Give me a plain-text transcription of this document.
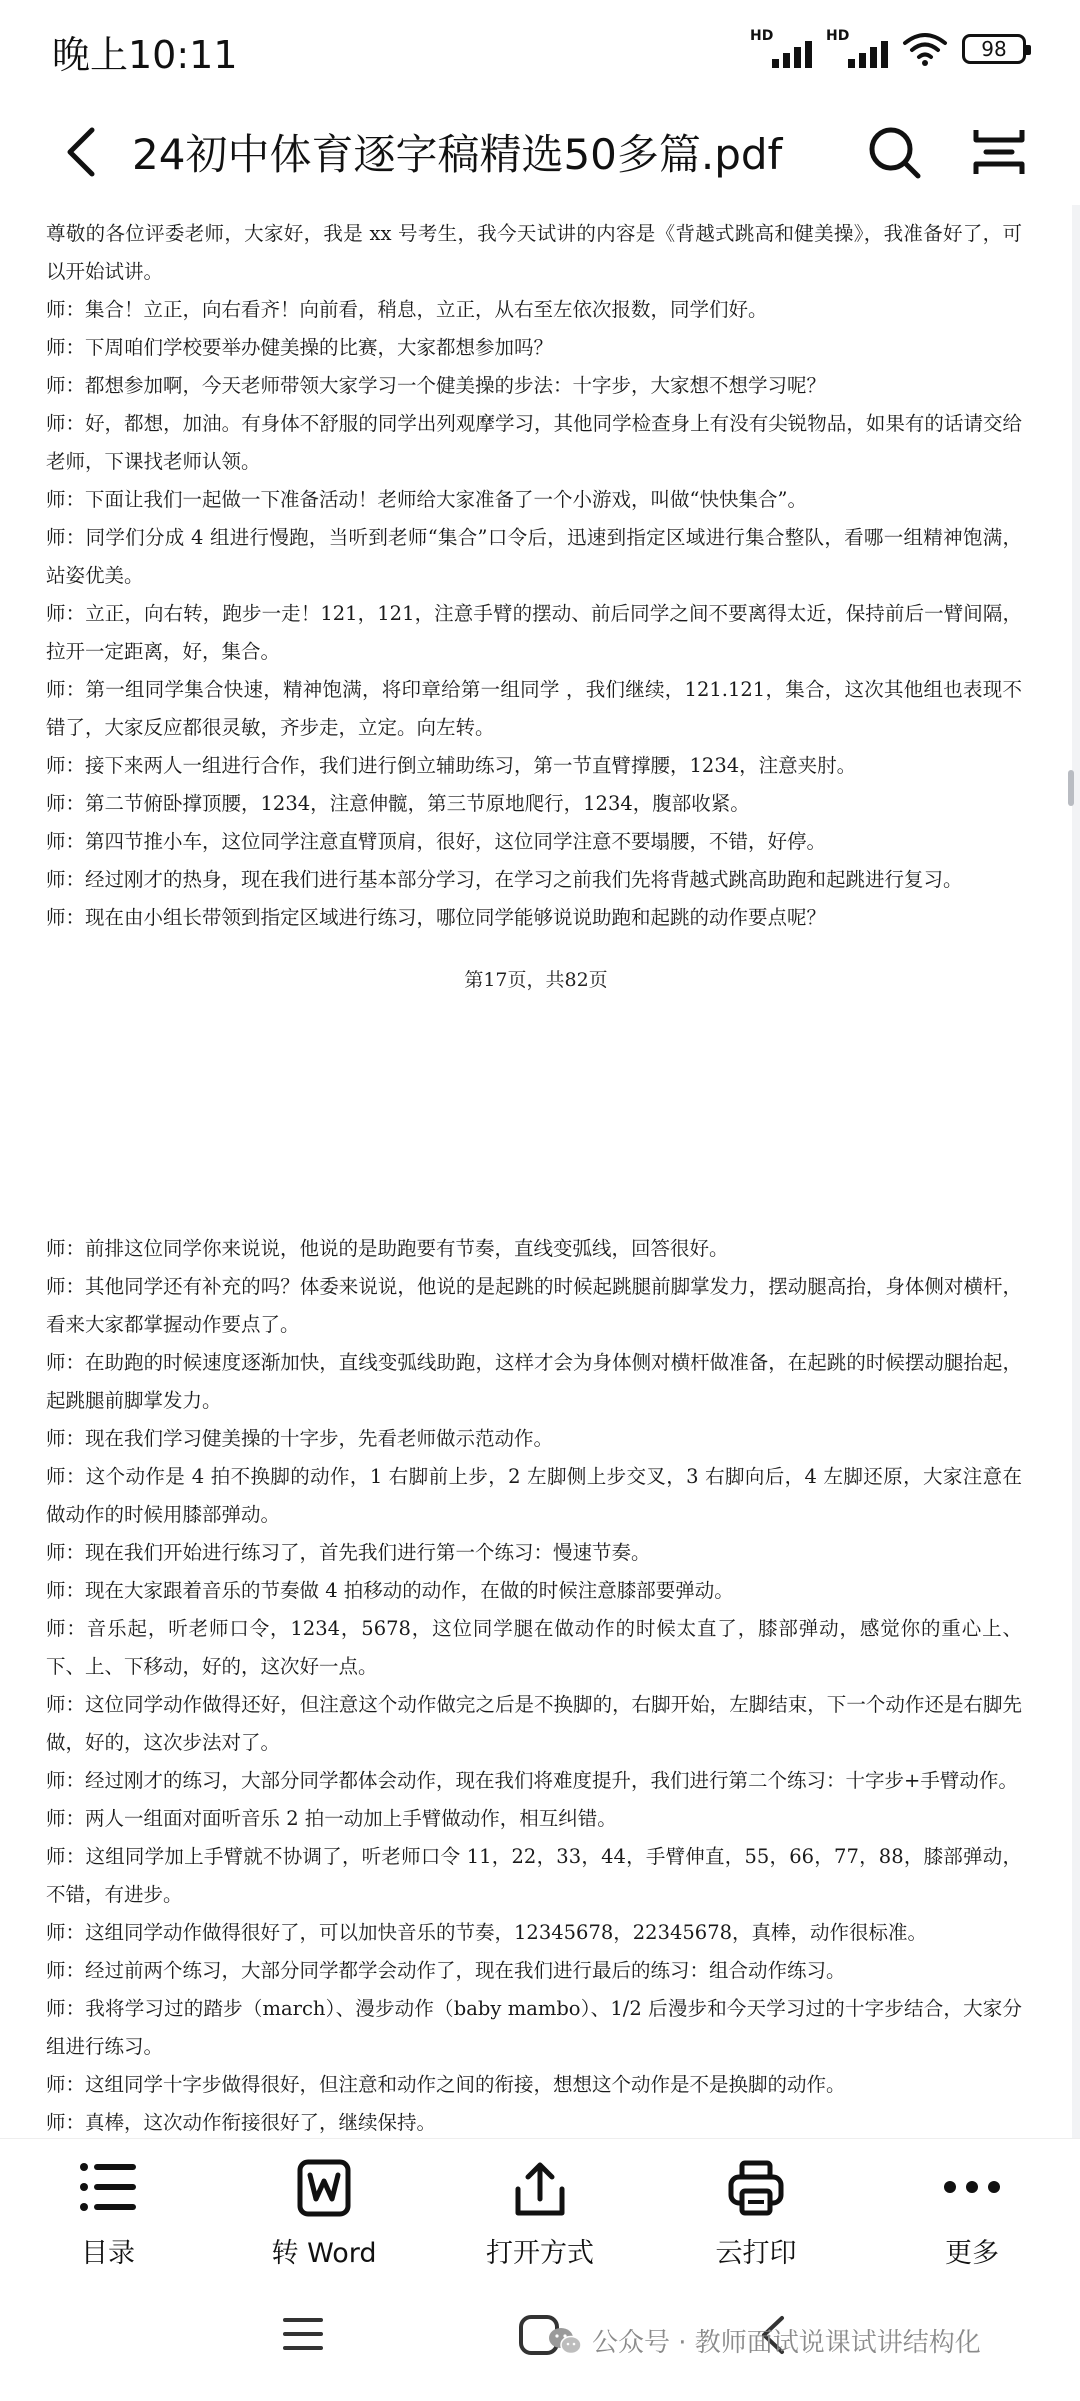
晚上10:11	HD	HD
98
24初中体育逐字稿精选50多篇.pdf

尊敬的各位评委老师，大家好，我是 xx 号考生，我今天试讲的内容是《背越式跳高和健美操》，我准备好了，可以开始试讲。

师：集合！立正，向右看齐！向前看，稍息，立正，从右至左依次报数，同学们好。

师：下周咱们学校要举办健美操的比赛，大家都想参加吗？

师：都想参加啊，今天老师带领大家学习一个健美操的步法：十字步，大家想不想学习呢？

师：好，都想，加油。有身体不舒服的同学出列观摩学习，其他同学检查身上有没有尖锐物品，如果有的话请交给老师，下课找老师认领。

师：下面让我们一起做一下准备活动！老师给大家准备了一个小游戏，叫做“快快集合”。

师：同学们分成 4 组进行慢跑，当听到老师“集合”口令后，迅速到指定区域进行集合整队，看哪一组精神饱满，站姿优美。

师：立正，向右转，跑步一走！121，121，注意手臂的摆动、前后同学之间不要离得太近，保持前后一臂间隔，拉开一定距离，好，集合。

师：第一组同学集合快速，精神饱满，将印章给第一组同学 ，我们继续，121.121，集合，这次其他组也表现不错了，大家反应都很灵敏，齐步走，立定。向左转。

师：接下来两人一组进行合作，我们进行倒立辅助练习，第一节直臂撑腰，1234，注意夹肘。

师：第二节俯卧撑顶腰，1234，注意伸髋，第三节原地爬行，1234，腹部收紧。

师：第四节推小车，这位同学注意直臂顶肩，很好，这位同学注意不要塌腰，不错，好停。

师：经过刚才的热身，现在我们进行基本部分学习，在学习之前我们先将背越式跳高助跑和起跳进行复习。

师：现在由小组长带领到指定区域进行练习，哪位同学能够说说助跑和起跳的动作要点呢？

第17页，共82页

师：前排这位同学你来说说，他说的是助跑要有节奏，直线变弧线，回答很好。

师：其他同学还有补充的吗？体委来说说，他说的是起跳的时候起跳腿前脚掌发力，摆动腿高抬，身体侧对横杆，看来大家都掌握动作要点了。

师：在助跑的时候速度逐渐加快，直线变弧线助跑，这样才会为身体侧对横杆做准备，在起跳的时候摆动腿抬起，起跳腿前脚掌发力。

师：现在我们学习健美操的十字步，先看老师做示范动作。

师：这个动作是 4 拍不换脚的动作，1 右脚前上步，2 左脚侧上步交叉，3 右脚向后，4 左脚还原，大家注意在做动作的时候用膝部弹动。

师：现在我们开始进行练习了，首先我们进行第一个练习：慢速节奏。

师：现在大家跟着音乐的节奏做 4 拍移动的动作，在做的时候注意膝部要弹动。

师：音乐起，听老师口令，1234，5678，这位同学腿在做动作的时候太直了，膝部弹动，感觉你的重心上、下、上、下移动，好的，这次好一点。

师：这位同学动作做得还好，但注意这个动作做完之后是不换脚的，右脚开始，左脚结束，下一个动作还是右脚先做，好的，这次步法对了。

师：经过刚才的练习，大部分同学都体会动作，现在我们将难度提升，我们进行第二个练习：十字步+手臂动作。

师：两人一组面对面听音乐 2 拍一动加上手臂做动作，相互纠错。

师：这组同学加上手臂就不协调了，听老师口令 11，22，33，44，手臂伸直，55，66，77，88，膝部弹动，不错，有进步。

师：这组同学动作做得很好了，可以加快音乐的节奏，12345678，22345678，真棒，动作很标准。

师：经过前两个练习，大部分同学都学会动作了，现在我们进行最后的练习：组合动作练习。

师：我将学习过的踏步（march）、漫步动作（baby mambo）、1/2 后漫步和今天学习过的十字步结合，大家分组进行练习。

师：这组同学十字步做得很好，但注意和动作之间的衔接，想想这个动作是不是换脚的动作。

师：真棒，这次动作衔接很好了，继续保持。

目录	转 Word	打开方式	云打印	更多
公众号 · 教师面试说课试讲结构化
